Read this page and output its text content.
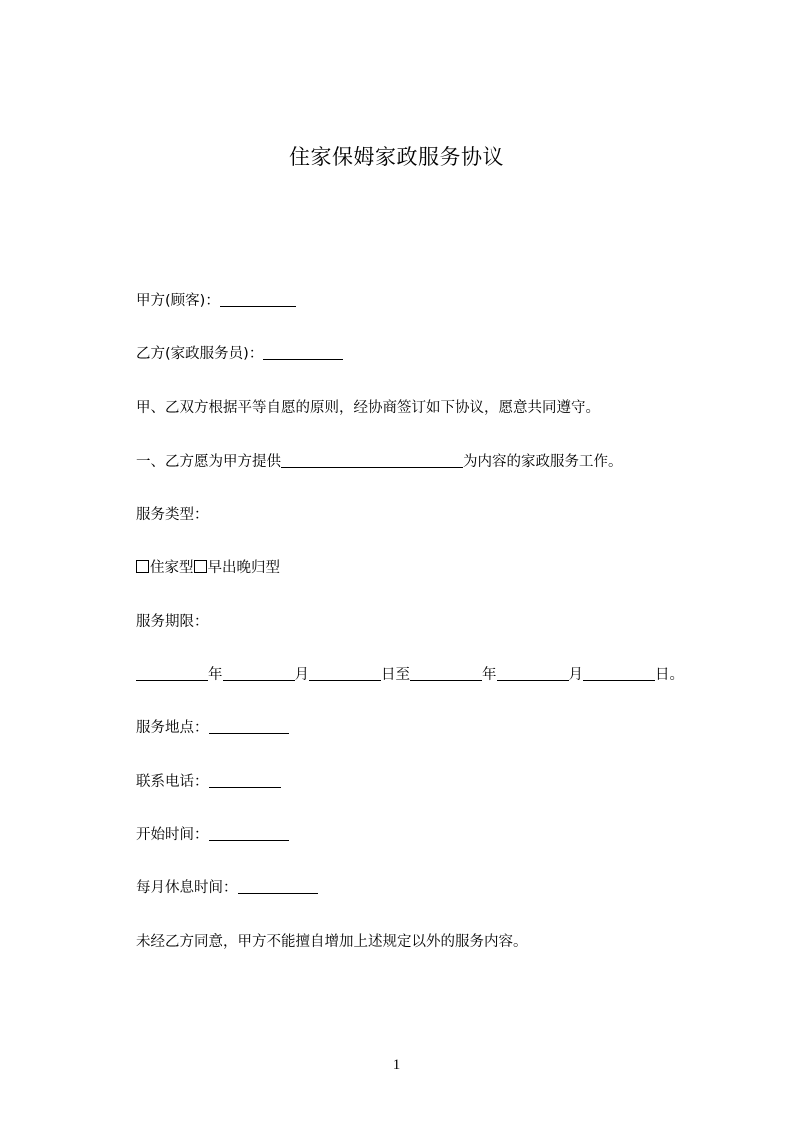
住家保姆家政服务协议
甲方(顾客)：
乙方(家政服务员)：
甲、乙双方根据平等自愿的原则，经协商签订如下协议，愿意共同遵守。
一、乙方愿为甲方提供	为内容的家政服务工作。
服务类型：
住家型 早出晚归型
服务期限：
年	月	日至	年	月	日。
服务地点：
联系电话：
开始时间：
每月休息时间：
未经乙方同意，甲方不能擅自增加上述规定以外的服务内容。
1
